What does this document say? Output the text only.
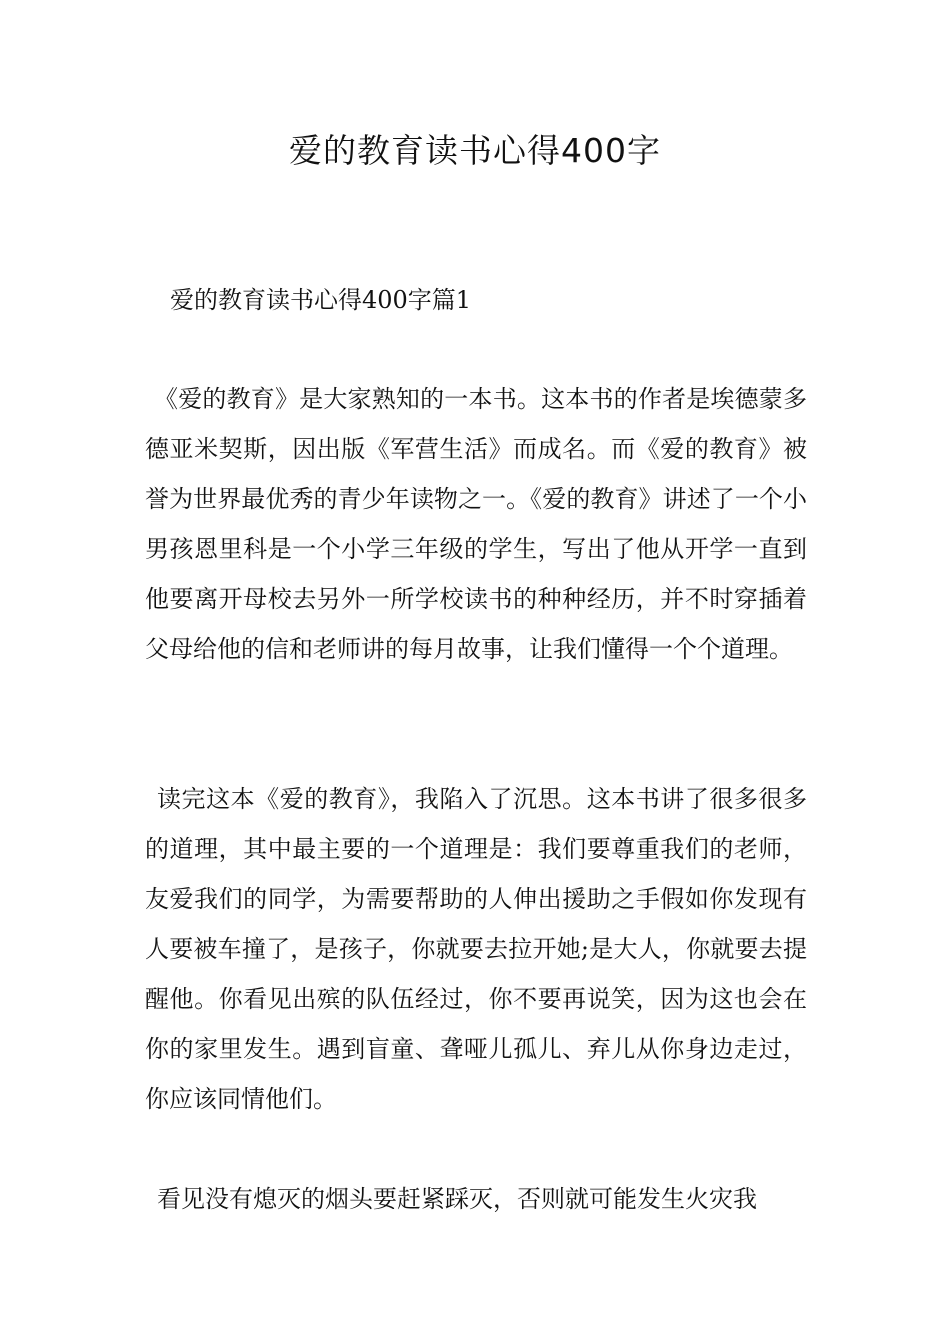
爱的教育读书心得400字
爱的教育读书心得400字篇1

《爱的教育》是大家熟知的一本书。这本书的作者是埃德蒙多德亚米契斯，因出版《军营生活》而成名。而《爱的教育》被誉为世界最优秀的青少年读物之一。《爱的教育》讲述了一个小男孩恩里科是一个小学三年级的学生，写出了他从开学一直到他要离开母校去另外一所学校读书的种种经历，并不时穿插着父母给他的信和老师讲的每月故事，让我们懂得一个个道理。

读完这本《爱的教育》，我陷入了沉思。这本书讲了很多很多的道理，其中最主要的一个道理是：我们要尊重我们的老师，友爱我们的同学，为需要帮助的人伸出援助之手假如你发现有人要被车撞了，是孩子，你就要去拉开她;是大人，你就要去提醒他。你看见出殡的队伍经过，你不要再说笑，因为这也会在你的家里发生。遇到盲童、聋哑儿孤儿、弃儿从你身边走过，你应该同情他们。

看见没有熄灭的烟头要赶紧踩灭，否则就可能发生火灾我
